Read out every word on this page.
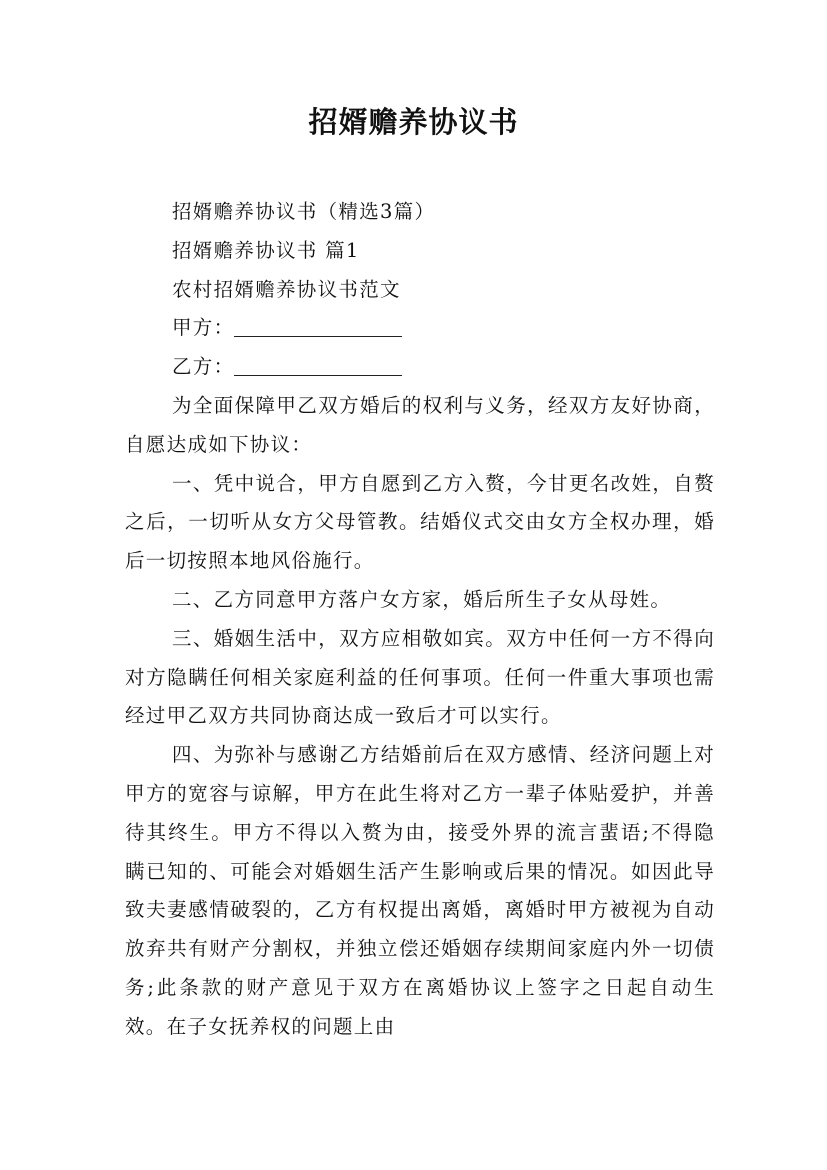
招婿赡养协议书

招婿赡养协议书（精选3篇）

招婿赡养协议书 篇1

农村招婿赡养协议书范文

甲方：

乙方：

为全面保障甲乙双方婚后的权利与义务，经双方友好协商，自愿达成如下协议：

一、凭中说合，甲方自愿到乙方入赘，今甘更名改姓，自赘之后，一切听从女方父母管教。结婚仪式交由女方全权办理，婚后一切按照本地风俗施行。

二、乙方同意甲方落户女方家，婚后所生子女从母姓。

三、婚姻生活中，双方应相敬如宾。双方中任何一方不得向对方隐瞒任何相关家庭利益的任何事项。任何一件重大事项也需经过甲乙双方共同协商达成一致后才可以实行。

四、为弥补与感谢乙方结婚前后在双方感情、经济问题上对甲方的宽容与谅解，甲方在此生将对乙方一辈子体贴爱护，并善待其终生。甲方不得以入赘为由，接受外界的流言蜚语;不得隐瞒已知的、可能会对婚姻生活产生影响或后果的情况。如因此导致夫妻感情破裂的，乙方有权提出离婚，离婚时甲方被视为自动放弃共有财产分割权，并独立偿还婚姻存续期间家庭内外一切债务;此条款的财产意见于双方在离婚协议上签字之日起自动生效。在子女抚养权的问题上由
